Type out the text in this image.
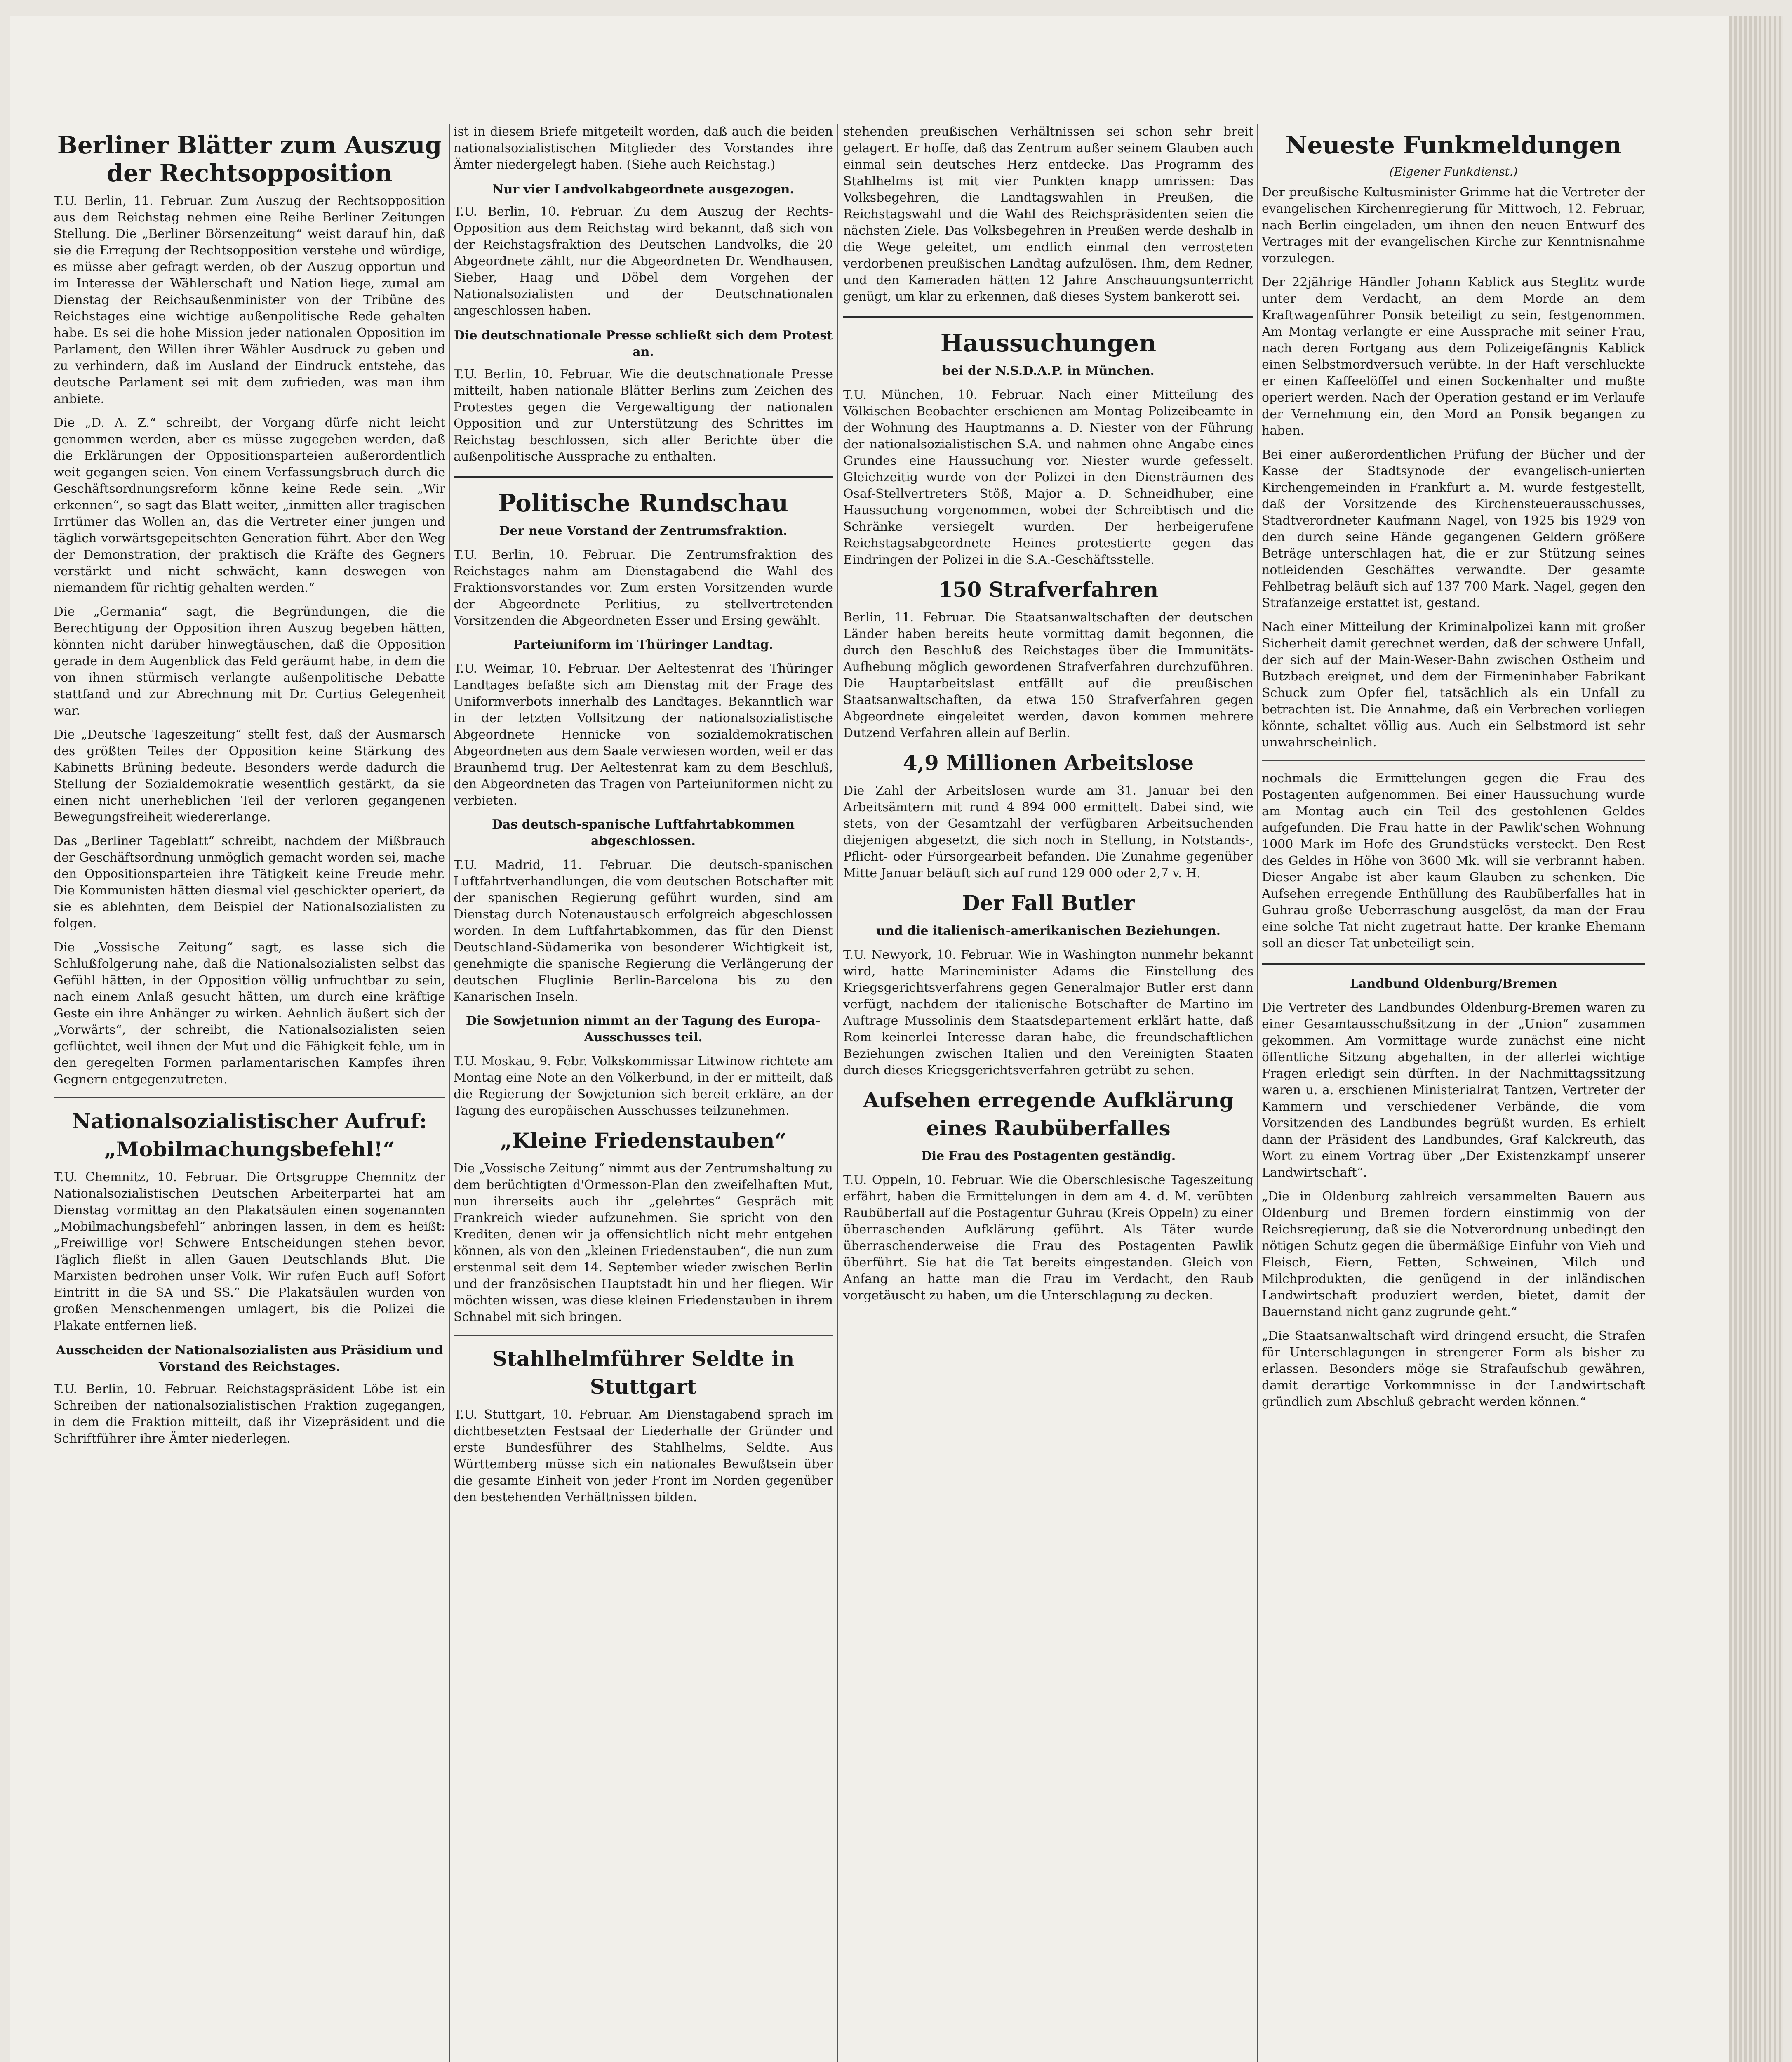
Berliner Blätter zum Auszug der Rechtsopposition

T.U. Berlin, 11. Februar. Zum Auszug der Rechtsopposition aus dem Reichstag nehmen eine Reihe Berliner Zeitungen Stellung. Die „Berliner Börsenzeitung“ weist darauf hin, daß sie die Erregung der Rechtsopposition verstehe und würdige, es müsse aber gefragt werden, ob der Auszug opportun und im Interesse der Wählerschaft und Nation liege, zumal am Dienstag der Reichsaußenminister von der Tribüne des Reichstages eine wichtige außenpolitische Rede gehalten habe. Es sei die hohe Mission jeder nationalen Opposition im Parlament, den Willen ihrer Wähler Ausdruck zu geben und zu verhindern, daß im Ausland der Eindruck entstehe, das deutsche Parlament sei mit dem zufrieden, was man ihm anbiete.

Die „D. A. Z.“ schreibt, der Vorgang dürfe nicht leicht genommen werden, aber es müsse zugegeben werden, daß die Erklärungen der Oppositionsparteien außerordentlich weit gegangen seien. Von einem Verfassungsbruch durch die Geschäftsordnungsreform könne keine Rede sein. „Wir erkennen“, so sagt das Blatt weiter, „inmitten aller tragischen Irrtümer das Wollen an, das die Vertreter einer jungen und täglich vorwärtsgepeitschten Generation führt. Aber den Weg der Demonstration, der praktisch die Kräfte des Gegners verstärkt und nicht schwächt, kann deswegen von niemandem für richtig gehalten werden.“

Die „Germania“ sagt, die Begründungen, die die Berechtigung der Opposition ihren Auszug begeben hätten, könnten nicht darüber hinwegtäuschen, daß die Opposition gerade in dem Augenblick das Feld geräumt habe, in dem die von ihnen stürmisch verlangte außenpolitische Debatte stattfand und zur Abrechnung mit Dr. Curtius Gelegenheit war.

Die „Deutsche Tageszeitung“ stellt fest, daß der Ausmarsch des größten Teiles der Opposition keine Stärkung des Kabinetts Brüning bedeute. Besonders werde dadurch die Stellung der Sozialdemokratie wesentlich gestärkt, da sie einen nicht unerheblichen Teil der verloren gegangenen Bewegungsfreiheit wiedererlange.

Das „Berliner Tageblatt“ schreibt, nachdem der Mißbrauch der Geschäftsordnung unmöglich gemacht worden sei, mache den Oppositionsparteien ihre Tätigkeit keine Freude mehr. Die Kommunisten hätten diesmal viel geschickter operiert, da sie es ablehnten, dem Beispiel der Nationalsozialisten zu folgen.

Die „Vossische Zeitung“ sagt, es lasse sich die Schlußfolgerung nahe, daß die Nationalsozialisten selbst das Gefühl hätten, in der Opposition völlig unfruchtbar zu sein, nach einem Anlaß gesucht hätten, um durch eine kräftige Geste ein ihre Anhänger zu wirken. Aehnlich äußert sich der „Vorwärts“, der schreibt, die Nationalsozialisten seien geflüchtet, weil ihnen der Mut und die Fähigkeit fehle, um in den geregelten Formen parlamentarischen Kampfes ihren Gegnern entgegenzutreten.

Nationalsozialistischer Aufruf: „Mobilmachungsbefehl!“

T.U. Chemnitz, 10. Februar. Die Ortsgruppe Chemnitz der Nationalsozialistischen Deutschen Arbeiterpartei hat am Dienstag vormittag an den Plakatsäulen einen sogenannten „Mobilmachungsbefehl“ anbringen lassen, in dem es heißt: „Freiwillige vor! Schwere Entscheidungen stehen bevor. Täglich fließt in allen Gauen Deutschlands Blut. Die Marxisten bedrohen unser Volk. Wir rufen Euch auf! Sofort Eintritt in die SA und SS.“ Die Plakatsäulen wurden von großen Menschenmengen umlagert, bis die Polizei die Plakate entfernen ließ.

Ausscheiden der Nationalsozialisten aus Präsidium und Vorstand des Reichstages.

T.U. Berlin, 10. Februar. Reichstagspräsident Löbe ist ein Schreiben der nationalsozialistischen Fraktion zugegangen, in dem die Fraktion mitteilt, daß ihr Vizepräsident und die Schriftführer ihre Ämter niederlegen.

ist in diesem Briefe mitgeteilt worden, daß auch die beiden nationalsozialistischen Mitglieder des Vorstandes ihre Ämter niedergelegt haben. (Siehe auch Reichstag.)

Nur vier Landvolkabgeordnete ausgezogen.

T.U. Berlin, 10. Februar. Zu dem Auszug der Rechts-Opposition aus dem Reichstag wird bekannt, daß sich von der Reichstagsfraktion des Deutschen Landvolks, die 20 Abgeordnete zählt, nur die Abgeordneten Dr. Wendhausen, Sieber, Haag und Döbel dem Vorgehen der Nationalsozialisten und der Deutschnationalen angeschlossen haben.

Die deutschnationale Presse schließt sich dem Protest an.

T.U. Berlin, 10. Februar. Wie die deutschnationale Presse mitteilt, haben nationale Blätter Berlins zum Zeichen des Protestes gegen die Vergewaltigung der nationalen Opposition und zur Unterstützung des Schrittes im Reichstag beschlossen, sich aller Berichte über die außenpolitische Aussprache zu enthalten.

Politische Rundschau
Der neue Vorstand der Zentrumsfraktion.

T.U. Berlin, 10. Februar. Die Zentrumsfraktion des Reichstages nahm am Dienstagabend die Wahl des Fraktionsvorstandes vor. Zum ersten Vorsitzenden wurde der Abgeordnete Perlitius, zu stellvertretenden Vorsitzenden die Abgeordneten Esser und Ersing gewählt.

Parteiuniform im Thüringer Landtag.

T.U. Weimar, 10. Februar. Der Aeltestenrat des Thüringer Landtages befaßte sich am Dienstag mit der Frage des Uniformverbots innerhalb des Landtages. Bekanntlich war in der letzten Vollsitzung der nationalsozialistische Abgeordnete Hennicke von sozialdemokratischen Abgeordneten aus dem Saale verwiesen worden, weil er das Braunhemd trug. Der Aeltestenrat kam zu dem Beschluß, den Abgeordneten das Tragen von Parteiuniformen nicht zu verbieten.

Das deutsch-spanische Luftfahrtabkommen abgeschlossen.

T.U. Madrid, 11. Februar. Die deutsch-spanischen Luftfahrtverhandlungen, die vom deutschen Botschafter mit der spanischen Regierung geführt wurden, sind am Dienstag durch Notenaustausch erfolgreich abgeschlossen worden. In dem Luftfahrtabkommen, das für den Dienst Deutschland-Südamerika von besonderer Wichtigkeit ist, genehmigte die spanische Regierung die Verlängerung der deutschen Fluglinie Berlin-Barcelona bis zu den Kanarischen Inseln.

Die Sowjetunion nimmt an der Tagung des Europa-Ausschusses teil.

T.U. Moskau, 9. Febr. Volkskommissar Litwinow richtete am Montag eine Note an den Völkerbund, in der er mitteilt, daß die Regierung der Sowjetunion sich bereit erkläre, an der Tagung des europäischen Ausschusses teilzunehmen.

„Kleine Friedenstauben“

Die „Vossische Zeitung“ nimmt aus der Zentrumshaltung zu dem berüchtigten d'Ormesson-Plan den zweifelhaften Mut, nun ihrerseits auch ihr „gelehrtes“ Gespräch mit Frankreich wieder aufzunehmen. Sie spricht von den Krediten, denen wir ja offensichtlich nicht mehr entgehen können, als von den „kleinen Friedenstauben“, die nun zum erstenmal seit dem 14. September wieder zwischen Berlin und der französischen Hauptstadt hin und her fliegen. Wir möchten wissen, was diese kleinen Friedenstauben in ihrem Schnabel mit sich bringen.

Stahlhelmführer Seldte in Stuttgart

T.U. Stuttgart, 10. Februar. Am Dienstagabend sprach im dichtbesetzten Festsaal der Liederhalle der Gründer und erste Bundesführer des Stahlhelms, Seldte. Aus Württemberg müsse sich ein nationales Bewußtsein über die gesamte Einheit von jeder Front im Norden gegenüber den bestehenden Verhältnissen bilden.

stehenden preußischen Verhältnissen sei schon sehr breit gelagert. Er hoffe, daß das Zentrum außer seinem Glauben auch einmal sein deutsches Herz entdecke. Das Programm des Stahlhelms ist mit vier Punkten knapp umrissen: Das Volksbegehren, die Landtagswahlen in Preußen, die Reichstagswahl und die Wahl des Reichspräsidenten seien die nächsten Ziele. Das Volksbegehren in Preußen werde deshalb in die Wege geleitet, um endlich einmal den verrosteten verdorbenen preußischen Landtag aufzulösen. Ihm, dem Redner, und den Kameraden hätten 12 Jahre Anschauungsunterricht genügt, um klar zu erkennen, daß dieses System bankerott sei.

Haussuchungen
bei der N.S.D.A.P. in München.

T.U. München, 10. Februar. Nach einer Mitteilung des Völkischen Beobachter erschienen am Montag Polizeibeamte in der Wohnung des Hauptmanns a. D. Niester von der Führung der nationalsozialistischen S.A. und nahmen ohne Angabe eines Grundes eine Haussuchung vor. Niester wurde gefesselt. Gleichzeitig wurde von der Polizei in den Diensträumen des Osaf-Stellvertreters Stöß, Major a. D. Schneidhuber, eine Haussuchung vorgenommen, wobei der Schreibtisch und die Schränke versiegelt wurden. Der herbeigerufene Reichstagsabgeordnete Heines protestierte gegen das Eindringen der Polizei in die S.A.-Geschäftsstelle.

150 Strafverfahren

Berlin, 11. Februar. Die Staatsanwaltschaften der deutschen Länder haben bereits heute vormittag damit begonnen, die durch den Beschluß des Reichstages über die Immunitäts-Aufhebung möglich gewordenen Strafverfahren durchzuführen. Die Hauptarbeitslast entfällt auf die preußischen Staatsanwaltschaften, da etwa 150 Strafverfahren gegen Abgeordnete eingeleitet werden, davon kommen mehrere Dutzend Verfahren allein auf Berlin.

4,9 Millionen Arbeitslose

Die Zahl der Arbeitslosen wurde am 31. Januar bei den Arbeitsämtern mit rund 4 894 000 ermittelt. Dabei sind, wie stets, von der Gesamtzahl der verfügbaren Arbeitsuchenden diejenigen abgesetzt, die sich noch in Stellung, in Notstands-, Pflicht- oder Fürsorgearbeit befanden. Die Zunahme gegenüber Mitte Januar beläuft sich auf rund 129 000 oder 2,7 v. H.

Der Fall Butler
und die italienisch-amerikanischen Beziehungen.

T.U. Newyork, 10. Februar. Wie in Washington nunmehr bekannt wird, hatte Marineminister Adams die Einstellung des Kriegsgerichtsverfahrens gegen Generalmajor Butler erst dann verfügt, nachdem der italienische Botschafter de Martino im Auftrage Mussolinis dem Staatsdepartement erklärt hatte, daß Rom keinerlei Interesse daran habe, die freundschaftlichen Beziehungen zwischen Italien und den Vereinigten Staaten durch dieses Kriegsgerichtsverfahren getrübt zu sehen.

Aufsehen erregende Aufklärung eines Raubüberfalles
Die Frau des Postagenten geständig.

T.U. Oppeln, 10. Februar. Wie die Oberschlesische Tageszeitung erfährt, haben die Ermittelungen in dem am 4. d. M. verübten Raubüberfall auf die Postagentur Guhrau (Kreis Oppeln) zu einer überraschenden Aufklärung geführt. Als Täter wurde überraschenderweise die Frau des Postagenten Pawlik überführt. Sie hat die Tat bereits eingestanden. Gleich von Anfang an hatte man die Frau im Verdacht, den Raub vorgetäuscht zu haben, um die Unterschlagung zu decken.

Neueste Funkmeldungen
(Eigener Funkdienst.)

Der preußische Kultusminister Grimme hat die Vertreter der evangelischen Kirchenregierung für Mittwoch, 12. Februar, nach Berlin eingeladen, um ihnen den neuen Entwurf des Vertrages mit der evangelischen Kirche zur Kenntnisnahme vorzulegen.

Der 22jährige Händler Johann Kablick aus Steglitz wurde unter dem Verdacht, an dem Morde an dem Kraftwagenführer Ponsik beteiligt zu sein, festgenommen. Am Montag verlangte er eine Aussprache mit seiner Frau, nach deren Fortgang aus dem Polizeigefängnis Kablick einen Selbstmordversuch verübte. In der Haft verschluckte er einen Kaffeelöffel und einen Sockenhalter und mußte operiert werden. Nach der Operation gestand er im Verlaufe der Vernehmung ein, den Mord an Ponsik begangen zu haben.

Bei einer außerordentlichen Prüfung der Bücher und der Kasse der Stadtsynode der evangelisch-unierten Kirchengemeinden in Frankfurt a. M. wurde festgestellt, daß der Vorsitzende des Kirchensteuerausschusses, Stadtverordneter Kaufmann Nagel, von 1925 bis 1929 von den durch seine Hände gegangenen Geldern größere Beträge unterschlagen hat, die er zur Stützung seines notleidenden Geschäftes verwandte. Der gesamte Fehlbetrag beläuft sich auf 137 700 Mark. Nagel, gegen den Strafanzeige erstattet ist, gestand.

Nach einer Mitteilung der Kriminalpolizei kann mit großer Sicherheit damit gerechnet werden, daß der schwere Unfall, der sich auf der Main-Weser-Bahn zwischen Ostheim und Butzbach ereignet, und dem der Firmeninhaber Fabrikant Schuck zum Opfer fiel, tatsächlich als ein Unfall zu betrachten ist. Die Annahme, daß ein Verbrechen vorliegen könnte, schaltet völlig aus. Auch ein Selbstmord ist sehr unwahrscheinlich.

nochmals die Ermittelungen gegen die Frau des Postagenten aufgenommen. Bei einer Haussuchung wurde am Montag auch ein Teil des gestohlenen Geldes aufgefunden. Die Frau hatte in der Pawlik'schen Wohnung 1000 Mark im Hofe des Grundstücks versteckt. Den Rest des Geldes in Höhe von 3600 Mk. will sie verbrannt haben. Dieser Angabe ist aber kaum Glauben zu schenken. Die Aufsehen erregende Enthüllung des Raubüberfalles hat in Guhrau große Ueberraschung ausgelöst, da man der Frau eine solche Tat nicht zugetraut hatte. Der kranke Ehemann soll an dieser Tat unbeteiligt sein.

Landbund Oldenburg/Bremen

Die Vertreter des Landbundes Oldenburg-Bremen waren zu einer Gesamtausschußsitzung in der „Union“ zusammen gekommen. Am Vormittage wurde zunächst eine nicht öffentliche Sitzung abgehalten, in der allerlei wichtige Fragen erledigt sein dürften. In der Nachmittagssitzung waren u. a. erschienen Ministerialrat Tantzen, Vertreter der Kammern und verschiedener Verbände, die vom Vorsitzenden des Landbundes begrüßt wurden. Es erhielt dann der Präsident des Landbundes, Graf Kalckreuth, das Wort zu einem Vortrag über „Der Existenzkampf unserer Landwirtschaft“.

„Die in Oldenburg zahlreich versammelten Bauern aus Oldenburg und Bremen fordern einstimmig von der Reichsregierung, daß sie die Notverordnung unbedingt den nötigen Schutz gegen die übermäßige Einfuhr von Vieh und Fleisch, Eiern, Fetten, Schweinen, Milch und Milchprodukten, die genügend in der inländischen Landwirtschaft produziert werden, bietet, damit der Bauernstand nicht ganz zugrunde geht.“

„Die Staatsanwaltschaft wird dringend ersucht, die Strafen für Unterschlagungen in strengerer Form als bisher zu erlassen. Besonders möge sie Strafaufschub gewähren, damit derartige Vorkommnisse in der Landwirtschaft gründlich zum Abschluß gebracht werden können.“
